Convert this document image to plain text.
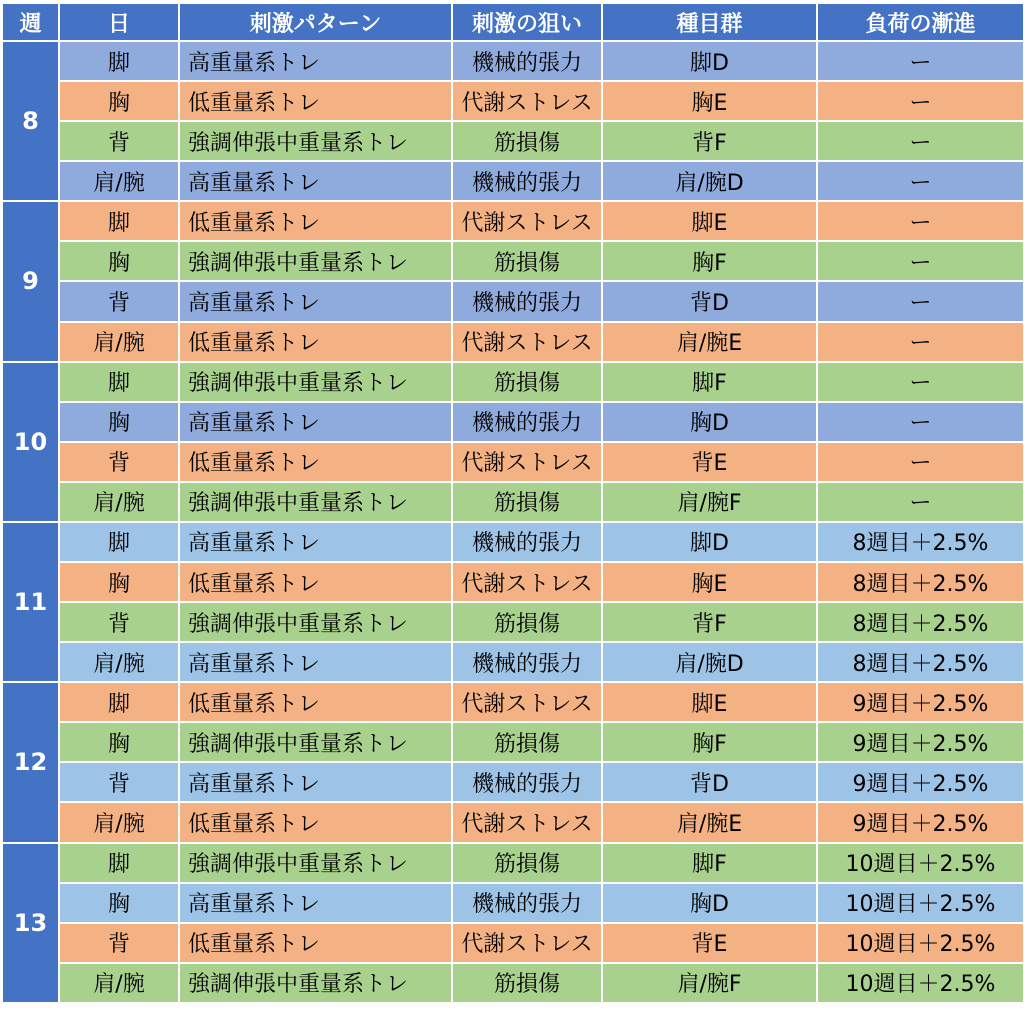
週	日	刺激パターン	刺激の狙い	種目群	負荷の漸進
8	脚	高重量系トレ	機械的張力	脚D	ー
	胸	低重量系トレ	代謝ストレス	胸E	ー
	背	強調伸張中重量系トレ	筋損傷	背F	ー
	肩/腕	高重量系トレ	機械的張力	肩/腕D	ー
9	脚	低重量系トレ	代謝ストレス	脚E	ー
	胸	強調伸張中重量系トレ	筋損傷	胸F	ー
	背	高重量系トレ	機械的張力	背D	ー
	肩/腕	低重量系トレ	代謝ストレス	肩/腕E	ー
10	脚	強調伸張中重量系トレ	筋損傷	脚F	ー
	胸	高重量系トレ	機械的張力	胸D	ー
	背	低重量系トレ	代謝ストレス	背E	ー
	肩/腕	強調伸張中重量系トレ	筋損傷	肩/腕F	ー
11	脚	高重量系トレ	機械的張力	脚D	8週目＋2.5%
	胸	低重量系トレ	代謝ストレス	胸E	8週目＋2.5%
	背	強調伸張中重量系トレ	筋損傷	背F	8週目＋2.5%
	肩/腕	高重量系トレ	機械的張力	肩/腕D	8週目＋2.5%
12	脚	低重量系トレ	代謝ストレス	脚E	9週目＋2.5%
	胸	強調伸張中重量系トレ	筋損傷	胸F	9週目＋2.5%
	背	高重量系トレ	機械的張力	背D	9週目＋2.5%
	肩/腕	低重量系トレ	代謝ストレス	肩/腕E	9週目＋2.5%
13	脚	強調伸張中重量系トレ	筋損傷	脚F	10週目＋2.5%
	胸	高重量系トレ	機械的張力	胸D	10週目＋2.5%
	背	低重量系トレ	代謝ストレス	背E	10週目＋2.5%
	肩/腕	強調伸張中重量系トレ	筋損傷	肩/腕F	10週目＋2.5%
